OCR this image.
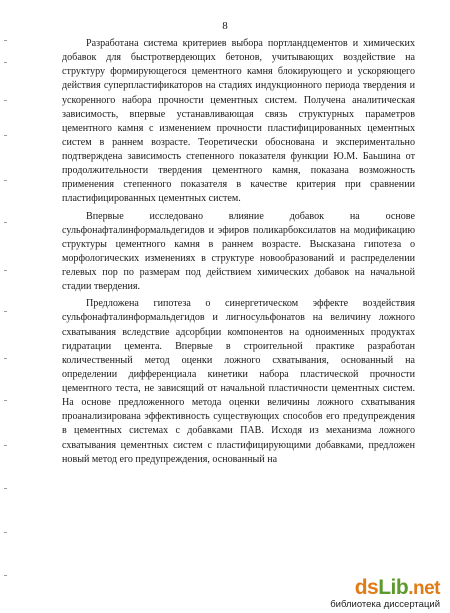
8

Разработана система критериев выбора портландцементов и химических добавок для быстротвердеющих бетонов, учитывающих воздействие на структуру формирующегося цементного камня блокирующего и ускоряющего действия суперпластификаторов на стадиях индукционного периода твердения и ускоренного набора прочности цементных систем. Получена аналитическая зависимость, впервые устанавливающая связь структурных параметров цементного камня с изменением прочности пластифицированных цементных систем в раннем возрасте. Теоретически обоснована и экспериментально подтверждена зависимость степенного показателя функции Ю.М. Баьшина от продолжительности твердения цементного камня, показана возможность применения степенного показателя в качестве критерия при сравнении пластифицированных цементных систем.

Впервые исследовано влияние добавок на основе сульфонафталинформальдегидов и эфиров поликарбоксилатов на модификацию структуры цементного камня в раннем возрасте. Высказана гипотеза о морфологических изменениях в структуре новообразований и распределении гелевых пор по размерам под действием химических добавок на начальной стадии твердения.

Предложена гипотеза о синергетическом эффекте воздействия сульфонафталинформальдегидов и лигносульфонатов на величину ложного схватывания вследствие адсорбции компонентов на одноименных продуктах гидратации цемента. Впервые в строительной практике разработан количественный метод оценки ложного схватывания, основанный на определении дифференциала кинетики набора пластической прочности цементного теста, не зависящий от начальной пластичности цементных систем. На основе предложенного метода оценки величины ложного схватывания проанализирована эффективность существующих способов его предупреждения в цементных системах с добавками ПАВ. Исходя из механизма ложного схватывания цементных систем с пластифицирующими добавками, предложен новый метод его предупреждения, основанный на

dsLib.net
библиотека диссертаций
